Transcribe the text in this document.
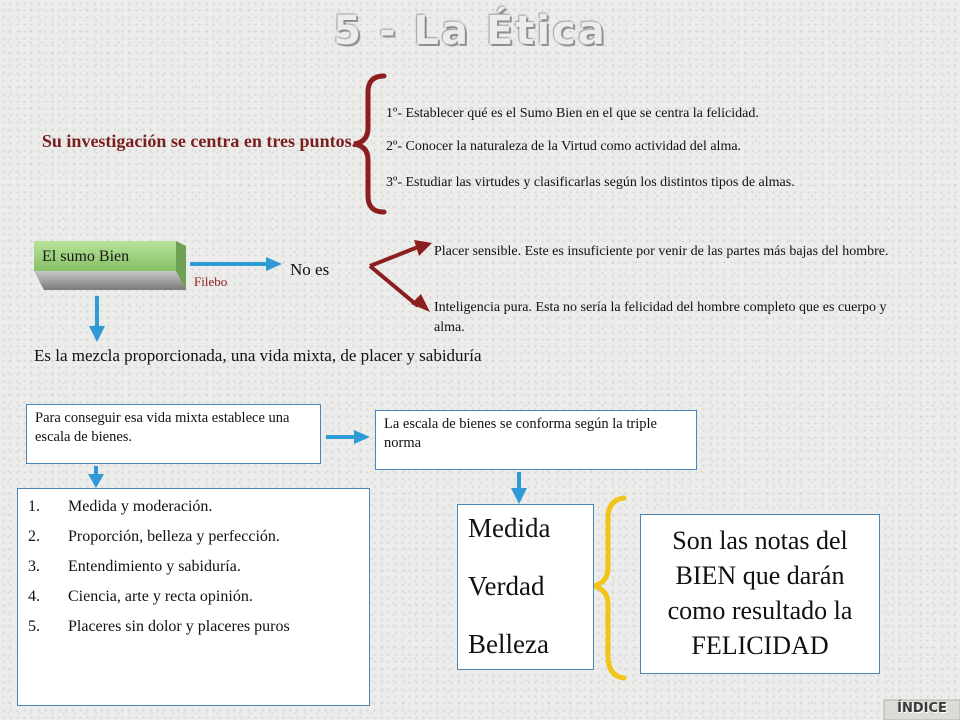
5 - La Ética
Su investigación se centra en tres puntos.
1º- Establecer qué es el Sumo Bien en el que se centra la felicidad.
2º- Conocer la naturaleza de la Virtud como actividad del alma.
3º- Estudiar las virtudes y clasificarlas según los distintos tipos de almas.
El sumo Bien
Filebo
No es
Placer sensible. Este es insuficiente por venir de las partes más bajas del hombre.
Inteligencia pura. Esta no sería la felicidad del hombre completo que es cuerpo y alma.
Es la mezcla proporcionada, una vida mixta, de placer y sabiduría
Para conseguir esa vida mixta establece una escala de bienes.
La escala de bienes se conforma según la triple norma
1.	Medida y moderación.
2.	Proporción, belleza y perfección.
3.	Entendimiento y sabiduría.
4.	Ciencia, arte y recta opinión.
5.	Placeres sin dolor y placeres puros
Medida
Verdad
Belleza
Son las notas del BIEN que darán como resultado la FELICIDAD
ÍNDICE
